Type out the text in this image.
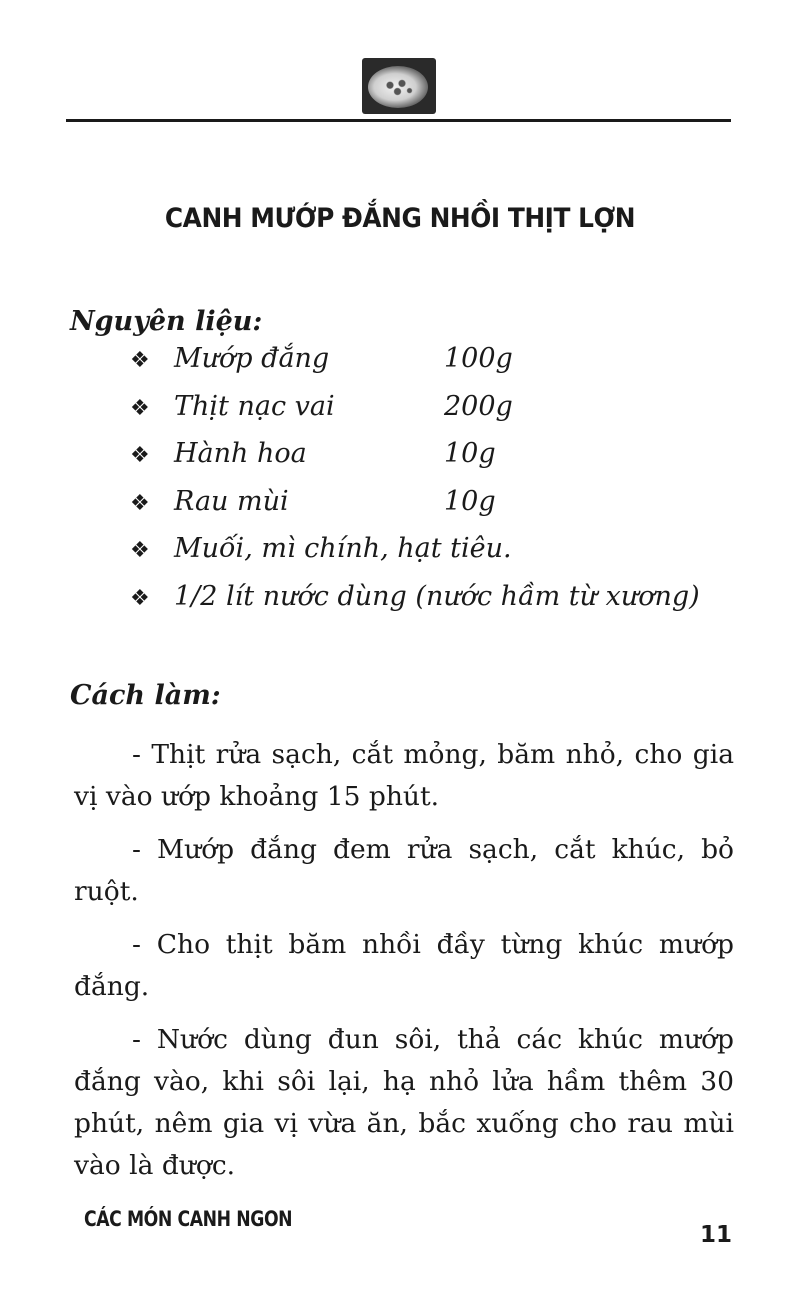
CANH MƯỚP ĐẮNG NHỒI THỊT LỢN
Nguyên liệu:
❖ Mướp đắng	100g
❖ Thịt nạc vai	200g
❖ Hành hoa	10g
❖ Rau mùi	10g
❖ Muối, mì chính, hạt tiêu.
❖ 1/2 lít nước dùng (nước hầm từ xương)
Cách làm:

- Thịt rửa sạch, cắt mỏng, băm nhỏ, cho gia vị vào ướp khoảng 15 phút.

- Mướp đắng đem rửa sạch, cắt khúc, bỏ ruột.

- Cho thịt băm nhồi đầy từng khúc mướp đắng.

- Nước dùng đun sôi, thả các khúc mướp đắng vào, khi sôi lại, hạ nhỏ lửa hầm thêm 30 phút, nêm gia vị vừa ăn, bắc xuống cho rau mùi vào là được.

CÁC MÓN CANH NGON
11
